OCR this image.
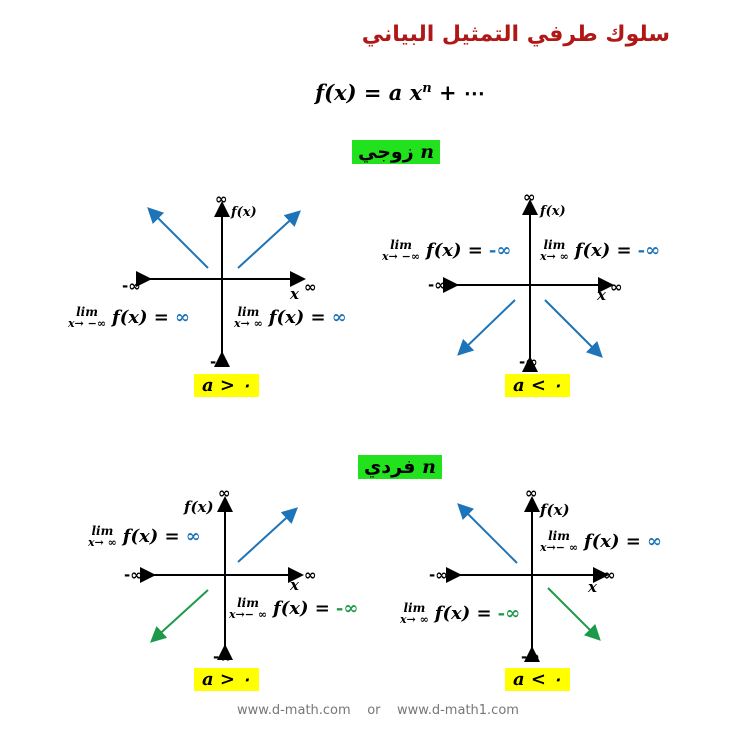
سلوك طرفي التمثيل البياني
f(x) = a $x^n$ + ⋯
زوجي n
فردي n
∞
f(x)
-∞	x ∞
-∞
lim
x→ −∞ f(x) = ∞	lim
x→ ∞ f(x) = ∞
a > ٠
∞
f(x)
-∞
x ∞
-∞
lim
x→ −∞ f(x) = -∞	lim
x→ ∞ f(x) = -∞
a < ٠
∞
f(x)
-∞
x
∞
-∞
lim
x→ ∞ f(x) = ∞
lim
x→− ∞ f(x) = -∞
a > ٠
∞
f(x)
-∞
x
∞
-∞
lim
x→− ∞ f(x) = ∞
lim
x→ ∞ f(x) = -∞
a < ٠
www.d-math.com    or    www.d-math1.com
